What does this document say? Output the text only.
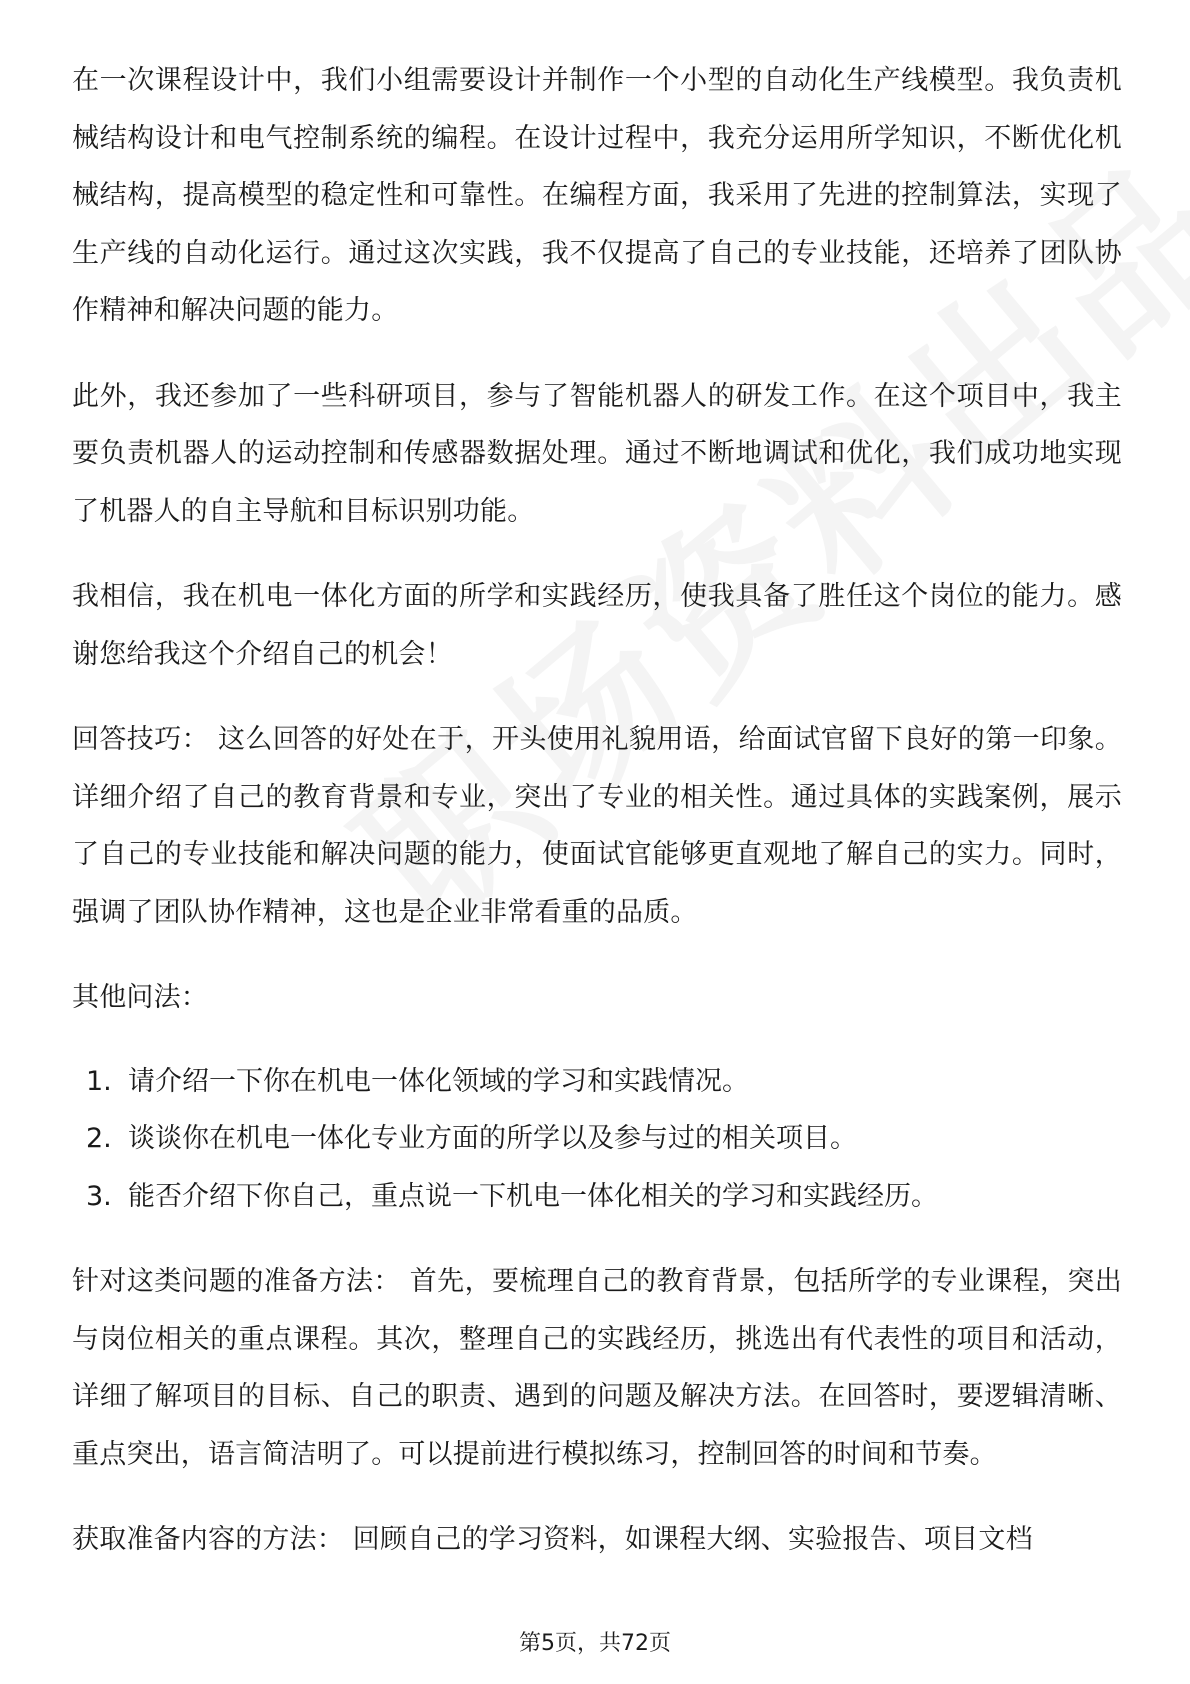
在一次课程设计中，我们小组需要设计并制作一个小型的自动化生产线模型。我负责机械结构设计和电气控制系统的编程。在设计过程中，我充分运用所学知识，不断优化机械结构，提高模型的稳定性和可靠性。在编程方面，我采用了先进的控制算法，实现了生产线的自动化运行。通过这次实践，我不仅提高了自己的专业技能，还培养了团队协作精神和解决问题的能力。

此外，我还参加了一些科研项目，参与了智能机器人的研发工作。在这个项目中，我主要负责机器人的运动控制和传感器数据处理。通过不断地调试和优化，我们成功地实现了机器人的自主导航和目标识别功能。

我相信，我在机电一体化方面的所学和实践经历，使我具备了胜任这个岗位的能力。感谢您给我这个介绍自己的机会！

回答技巧： 这么回答的好处在于，开头使用礼貌用语，给面试官留下良好的第一印象。详细介绍了自己的教育背景和专业，突出了专业的相关性。通过具体的实践案例，展示了自己的专业技能和解决问题的能力，使面试官能够更直观地了解自己的实力。同时，强调了团队协作精神，这也是企业非常看重的品质。

其他问法：

1. 请介绍一下你在机电一体化领域的学习和实践情况。
2. 谈谈你在机电一体化专业方面的所学以及参与过的相关项目。
3. 能否介绍下你自己，重点说一下机电一体化相关的学习和实践经历。

针对这类问题的准备方法： 首先，要梳理自己的教育背景，包括所学的专业课程，突出与岗位相关的重点课程。其次，整理自己的实践经历，挑选出有代表性的项目和活动，详细了解项目的目标、自己的职责、遇到的问题及解决方法。在回答时，要逻辑清晰、重点突出，语言简洁明了。可以提前进行模拟练习，控制回答的时间和节奏。

获取准备内容的方法： 回顾自己的学习资料，如课程大纲、实验报告、项目文档

第5页，共72页
